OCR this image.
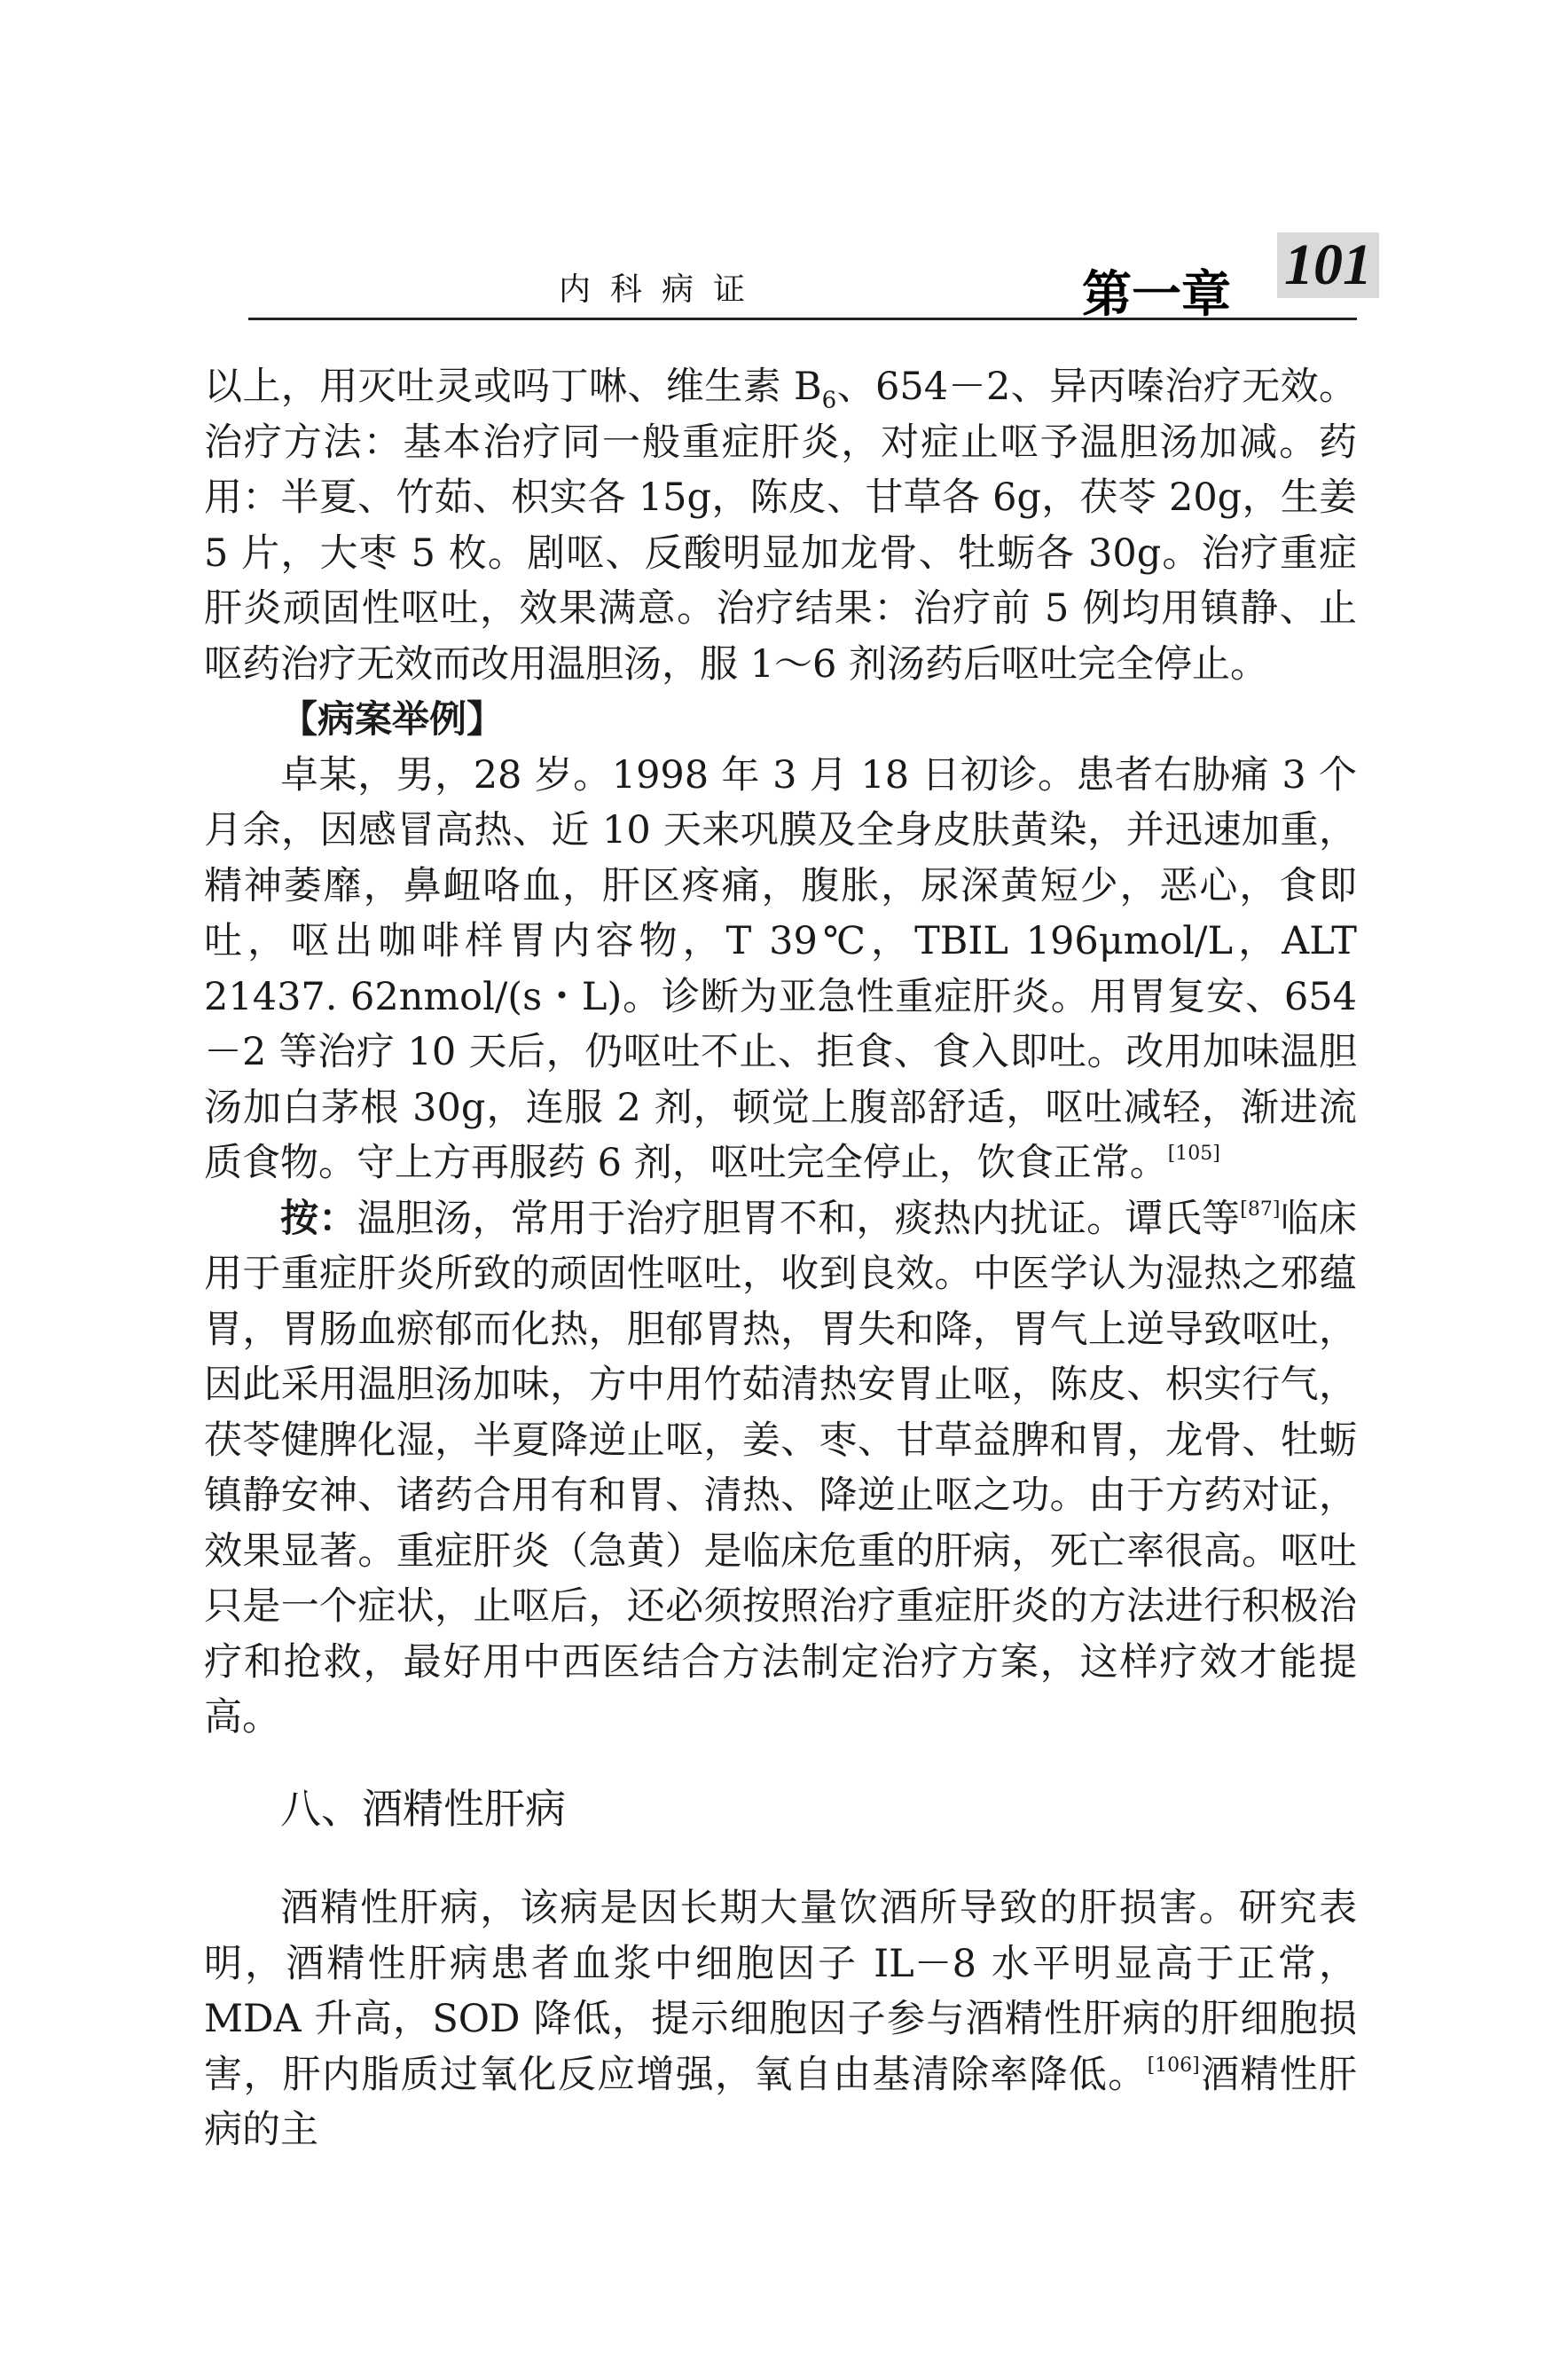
内科病证	第一章 101

以上，用灭吐灵或吗丁啉、维生素 $B_6$、654－2、异丙嗪治疗无效。治疗方法：基本治疗同一般重症肝炎，对症止呕予温胆汤加减。药用：半夏、竹茹、枳实各 15g，陈皮、甘草各 6g，茯苓 20g，生姜 5 片，大枣 5 枚。剧呕、反酸明显加龙骨、牡蛎各 30g。治疗重症肝炎顽固性呕吐，效果满意。治疗结果：治疗前 5 例均用镇静、止呕药治疗无效而改用温胆汤，服 1～6 剂汤药后呕吐完全停止。

【病案举例】

卓某，男，28 岁。1998 年 3 月 18 日初诊。患者右胁痛 3 个月余，因感冒高热、近 10 天来巩膜及全身皮肤黄染，并迅速加重，精神萎靡，鼻衄咯血，肝区疼痛，腹胀，尿深黄短少，恶心，食即吐，呕出咖啡样胃内容物，T 39℃，TBIL 196μmol/L，ALT 21437. 62nmol/(s・L)。诊断为亚急性重症肝炎。用胃复安、654－2 等治疗 10 天后，仍呕吐不止、拒食、食入即吐。改用加味温胆汤加白茅根 30g，连服 2 剂，顿觉上腹部舒适，呕吐减轻，渐进流质食物。守上方再服药 6 剂，呕吐完全停止，饮食正常。[105]

按：温胆汤，常用于治疗胆胃不和，痰热内扰证。谭氏等[87]临床用于重症肝炎所致的顽固性呕吐，收到良效。中医学认为湿热之邪蕴胃，胃肠血瘀郁而化热，胆郁胃热，胃失和降，胃气上逆导致呕吐，因此采用温胆汤加味，方中用竹茹清热安胃止呕，陈皮、枳实行气，茯苓健脾化湿，半夏降逆止呕，姜、枣、甘草益脾和胃，龙骨、牡蛎镇静安神、诸药合用有和胃、清热、降逆止呕之功。由于方药对证，效果显著。重症肝炎（急黄）是临床危重的肝病，死亡率很高。呕吐只是一个症状，止呕后，还必须按照治疗重症肝炎的方法进行积极治疗和抢救，最好用中西医结合方法制定治疗方案，这样疗效才能提高。

八、酒精性肝病

酒精性肝病，该病是因长期大量饮酒所导致的肝损害。研究表明，酒精性肝病患者血浆中细胞因子 IL－8 水平明显高于正常，MDA 升高，SOD 降低，提示细胞因子参与酒精性肝病的肝细胞损害，肝内脂质过氧化反应增强，氧自由基清除率降低。[106]酒精性肝病的主
